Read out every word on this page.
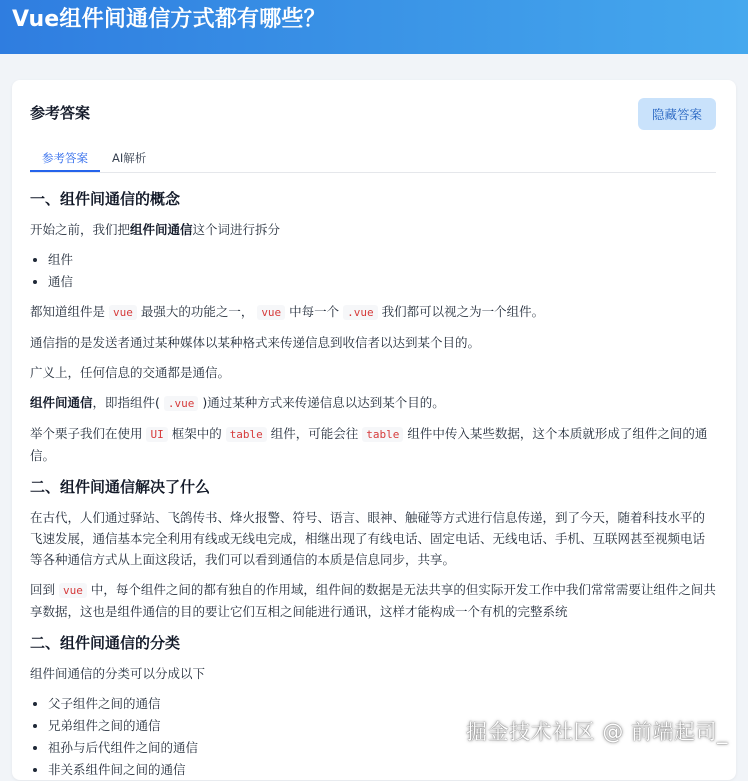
Vue组件间通信方式都有哪些？
参考答案	隐藏答案
参考答案	AI解析
一、组件间通信的概念

开始之前，我们把组件间通信这个词进行拆分

• 组件
• 通信

都知道组件是 vue 最强大的功能之一， vue 中每一个 .vue 我们都可以视之为一个组件。

通信指的是发送者通过某种媒体以某种格式来传递信息到收信者以达到某个目的。

广义上，任何信息的交通都是通信。

组件间通信，即指组件( .vue )通过某种方式来传递信息以达到某个目的。

举个栗子我们在使用 UI 框架中的 table 组件，可能会往 table 组件中传入某些数据，这个本质就形成了组件之间的通信。

二、组件间通信解决了什么

在古代，人们通过驿站、飞鸽传书、烽火报警、符号、语言、眼神、触碰等方式进行信息传递，到了今天，随着科技水平的飞速发展，通信基本完全利用有线或无线电完成，相继出现了有线电话、固定电话、无线电话、手机、互联网甚至视频电话等各种通信方式从上面这段话，我们可以看到通信的本质是信息同步，共享。

回到 vue 中，每个组件之间的都有独自的作用域，组件间的数据是无法共享的但实际开发工作中我们常常需要让组件之间共享数据，这也是组件通信的目的要让它们互相之间能进行通讯，这样才能构成一个有机的完整系统

二、组件间通信的分类

组件间通信的分类可以分成以下

• 父子组件之间的通信
• 兄弟组件之间的通信
• 祖孙与后代组件之间的通信
• 非关系组件间之间的通信
掘金技术社区 @ 前端起司_
